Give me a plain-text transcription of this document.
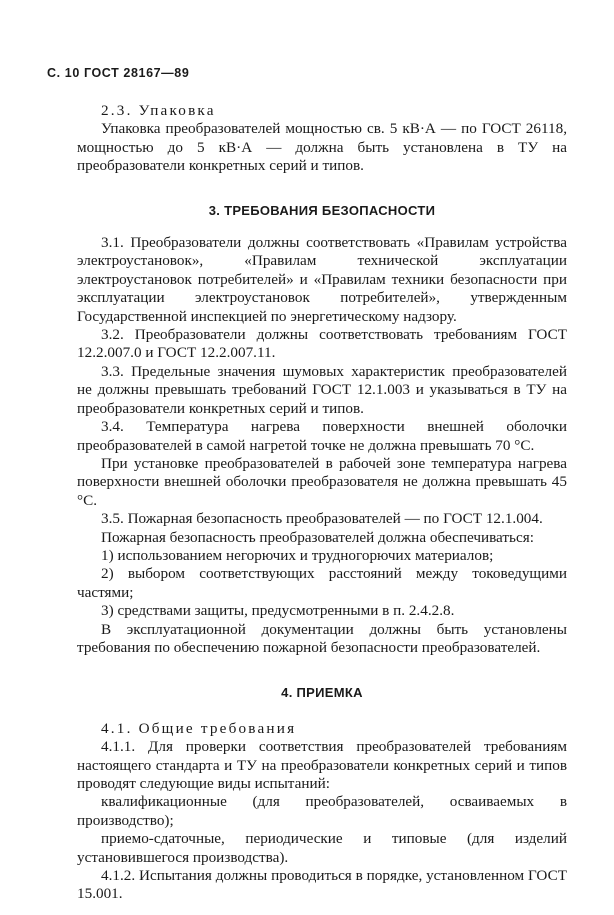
С. 10 ГОСТ 28167—89

2.3. Упаковка

Упаковка преобразователей мощностью св. 5 кВ·А — по ГОСТ 26118, мощностью до 5 кВ·А — должна быть установлена в ТУ на преобразователи конкретных серий и типов.

3. ТРЕБОВАНИЯ БЕЗОПАСНОСТИ

3.1. Преобразователи должны соответствовать «Правилам устройства электроустановок», «Правилам технической эксплуатации электроустановок потребителей» и «Правилам техники безопасности при эксплуатации электроустановок потребителей», утвержденным Государственной инспекцией по энергетическому надзору.

3.2. Преобразователи должны соответствовать требованиям ГОСТ 12.2.007.0 и ГОСТ 12.2.007.11.

3.3. Предельные значения шумовых характеристик преобразователей не должны превышать требований ГОСТ 12.1.003 и указываться в ТУ на преобразователи конкретных серий и типов.

3.4. Температура нагрева поверхности внешней оболочки преобразователей в самой нагретой точке не должна превышать 70 °С.

При установке преобразователей в рабочей зоне температура нагрева поверхности внешней оболочки преобразователя не должна превышать 45 °С.

3.5. Пожарная безопасность преобразователей — по ГОСТ 12.1.004.

Пожарная безопасность преобразователей должна обеспечиваться:

1) использованием негорючих и трудногорючих материалов;

2) выбором соответствующих расстояний между токоведущими частями;

3) средствами защиты, предусмотренными в п. 2.4.2.8.

В эксплуатационной документации должны быть установлены требования по обеспечению пожарной безопасности преобразователей.

4. ПРИЕМКА

4.1. Общие требования

4.1.1. Для проверки соответствия преобразователей требованиям настоящего стандарта и ТУ на преобразователи конкретных серий и типов проводят следующие виды испытаний:

квалификационные (для преобразователей, осваиваемых в производство);

приемо-сдаточные, периодические и типовые (для изделий установившегося производства).

4.1.2. Испытания должны проводиться в порядке, установленном ГОСТ 15.001.
